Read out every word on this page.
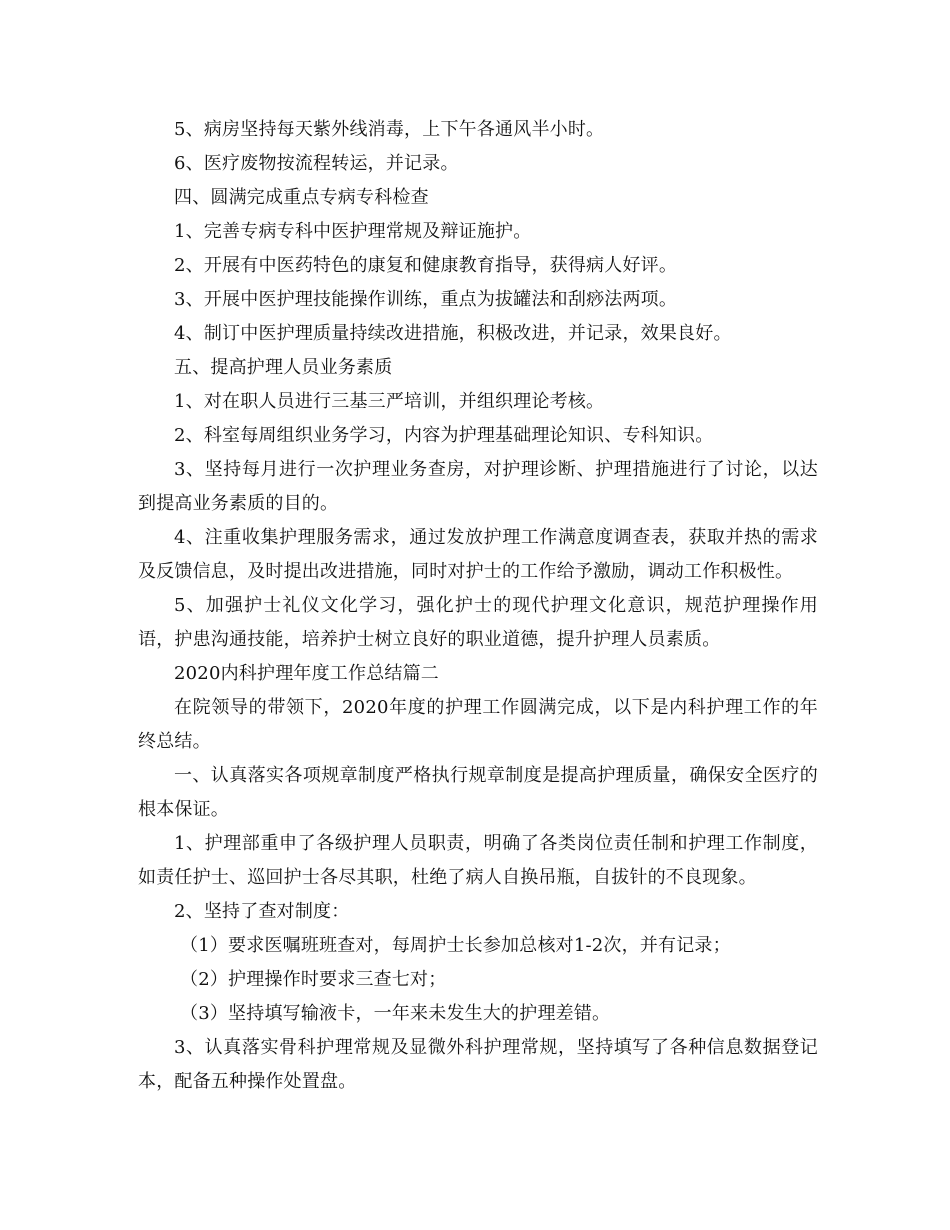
5、病房坚持每天紫外线消毒，上下午各通风半小时。

6、医疗废物按流程转运，并记录。

四、圆满完成重点专病专科检查

1、完善专病专科中医护理常规及辩证施护。

2、开展有中医药特色的康复和健康教育指导，获得病人好评。

3、开展中医护理技能操作训练，重点为拔罐法和刮痧法两项。

4、制订中医护理质量持续改进措施，积极改进，并记录，效果良好。

五、提高护理人员业务素质

1、对在职人员进行三基三严培训，并组织理论考核。

2、科室每周组织业务学习，内容为护理基础理论知识、专科知识。

3、坚持每月进行一次护理业务查房，对护理诊断、护理措施进行了讨论，以达到提高业务素质的目的。

4、注重收集护理服务需求，通过发放护理工作满意度调查表，获取并热的需求及反馈信息，及时提出改进措施，同时对护士的工作给予激励，调动工作积极性。

5、加强护士礼仪文化学习，强化护士的现代护理文化意识，规范护理操作用语，护患沟通技能，培养护士树立良好的职业道德，提升护理人员素质。

2020内科护理年度工作总结篇二

在院领导的带领下，2020年度的护理工作圆满完成，以下是内科护理工作的年终总结。

一、认真落实各项规章制度严格执行规章制度是提高护理质量，确保安全医疗的根本保证。

1、护理部重申了各级护理人员职责，明确了各类岗位责任制和护理工作制度，如责任护士、巡回护士各尽其职，杜绝了病人自换吊瓶，自拔针的不良现象。

2、坚持了查对制度：

（1）要求医嘱班班查对，每周护士长参加总核对1-2次，并有记录；

（2）护理操作时要求三查七对；

（3）坚持填写输液卡，一年来未发生大的护理差错。

3、认真落实骨科护理常规及显微外科护理常规，坚持填写了各种信息数据登记本，配备五种操作处置盘。
